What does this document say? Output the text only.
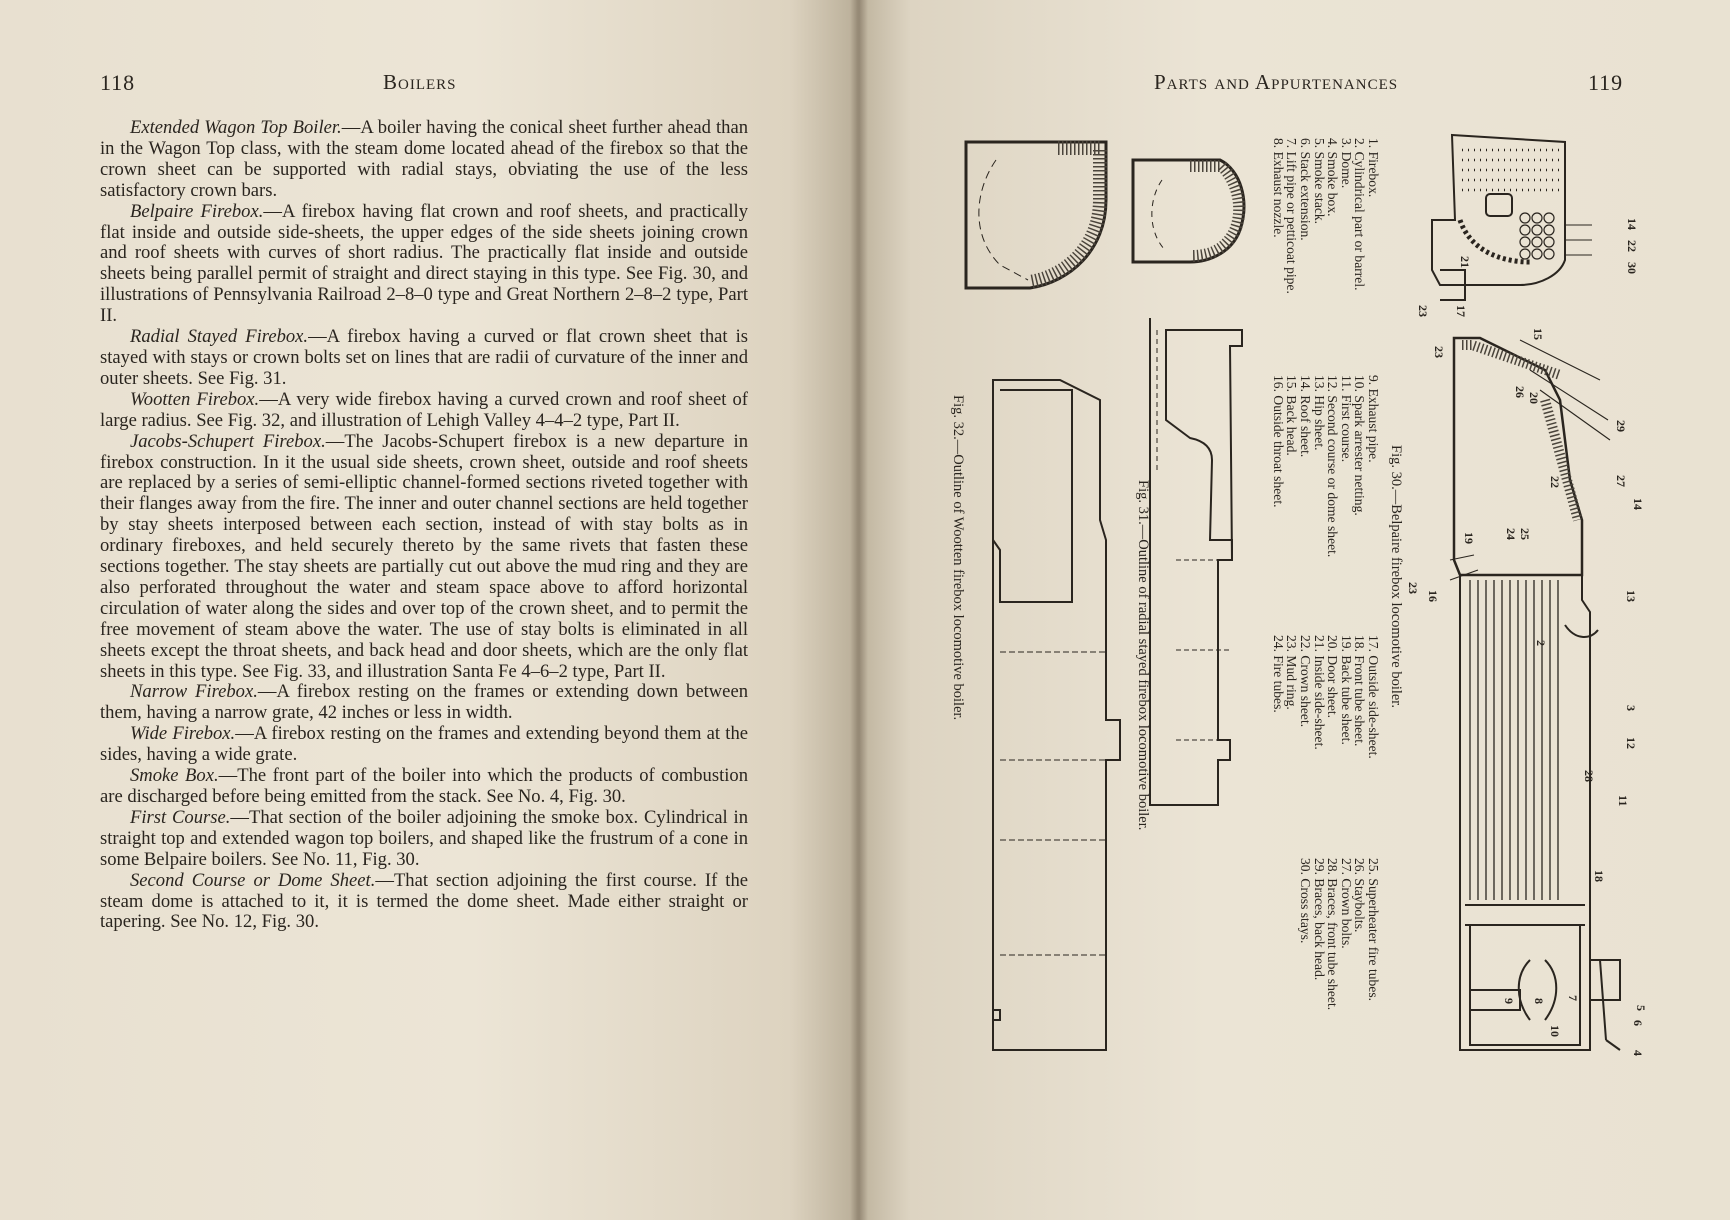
118	Boilers

Extended Wagon Top Boiler.—A boiler having the conical sheet further ahead than in the Wagon Top class, with the steam dome located ahead of the firebox so that the crown sheet can be supported with radial stays, obviating the use of the less satisfactory crown bars.

Belpaire Firebox.—A firebox having flat crown and roof sheets, and practically flat inside and outside side-sheets, the upper edges of the side sheets joining crown and roof sheets with curves of short radius. The practically flat inside and outside sheets being parallel permit of straight and direct staying in this type. See Fig. 30, and illustrations of Pennsylvania Railroad 2–8–0 type and Great Northern 2–8–2 type, Part II.

Radial Stayed Firebox.—A firebox having a curved or flat crown sheet that is stayed with stays or crown bolts set on lines that are radii of curvature of the inner and outer sheets. See Fig. 31.

Wootten Firebox.—A very wide firebox having a curved crown and roof sheet of large radius. See Fig. 32, and illustration of Lehigh Valley 4–4–2 type, Part II.

Jacobs-Schupert Firebox.—The Jacobs-Schupert firebox is a new departure in firebox construction. In it the usual side sheets, crown sheet, outside and roof sheets are replaced by a series of semi-elliptic channel-formed sections riveted together with their flanges away from the fire. The inner and outer channel sections are held together by stay sheets interposed between each section, instead of with stay bolts as in ordinary fireboxes, and held securely thereto by the same rivets that fasten these sections together. The stay sheets are partially cut out above the mud ring and they are also perforated throughout the water and steam space above to afford horizontal circulation of water along the sides and over top of the crown sheet, and to permit the free movement of steam above the water. The use of stay bolts is eliminated in all sheets except the throat sheets, and back head and door sheets, which are the only flat sheets in this type. See Fig. 33, and illustration Santa Fe 4–6–2 type, Part II.

Narrow Firebox.—A firebox resting on the frames or extending down between them, having a narrow grate, 42 inches or less in width.

Wide Firebox.—A firebox resting on the frames and extending beyond them at the sides, having a wide grate.

Smoke Box.—The front part of the boiler into which the products of combustion are discharged before being emitted from the stack. See No. 4, Fig. 30.

First Course.—That section of the boiler adjoining the smoke box. Cylindrical in straight top and extended wagon top boilers, and shaped like the frustrum of a cone in some Belpaire boilers. See No. 11, Fig. 30.

Second Course or Dome Sheet.—That section adjoining the first course. If the steam dome is attached to it, it is termed the dome sheet. Made either straight or tapering. See No. 12, Fig. 30.

Parts and Appurtenances	119
14
22
30
21
23 17
15
23
20
26
29
27
14
22
19	25
24
23
16	13
2
3
12
28
11
18
5
6
4
7
8
9
10
Fig. 30.—Belpaire firebox locomotive boiler.
Fig. 31.—Outline of radial stayed firebox locomotive boiler.
Fig. 32.—Outline of Wootten firebox locomotive boiler.
1. Firebox.
2. Cylindrical part or barrel.
3. Dome.
4. Smoke box.
5. Smoke stack.
6. Stack extension.
7. Lift pipe or petticoat pipe.
8. Exhaust nozzle.
9. Exhaust pipe.
10. Spark arrester netting.
11. First course.
12. Second course or dome sheet.
13. Hip sheet.
14. Roof sheet.
15. Back head.
16. Outside throat sheet.
17. Outside side-sheet.
18. Front tube sheet.
19. Back tube sheet.
20. Door sheet.
21. Inside side-sheet.
22. Crown sheet.
23. Mud ring.
24. Fire tubes.
25. Superheater fire tubes.
26. Staybolts.
27. Crown bolts.
28. Braces, front tube sheet.
29. Braces, back head.
30. Cross stays.
